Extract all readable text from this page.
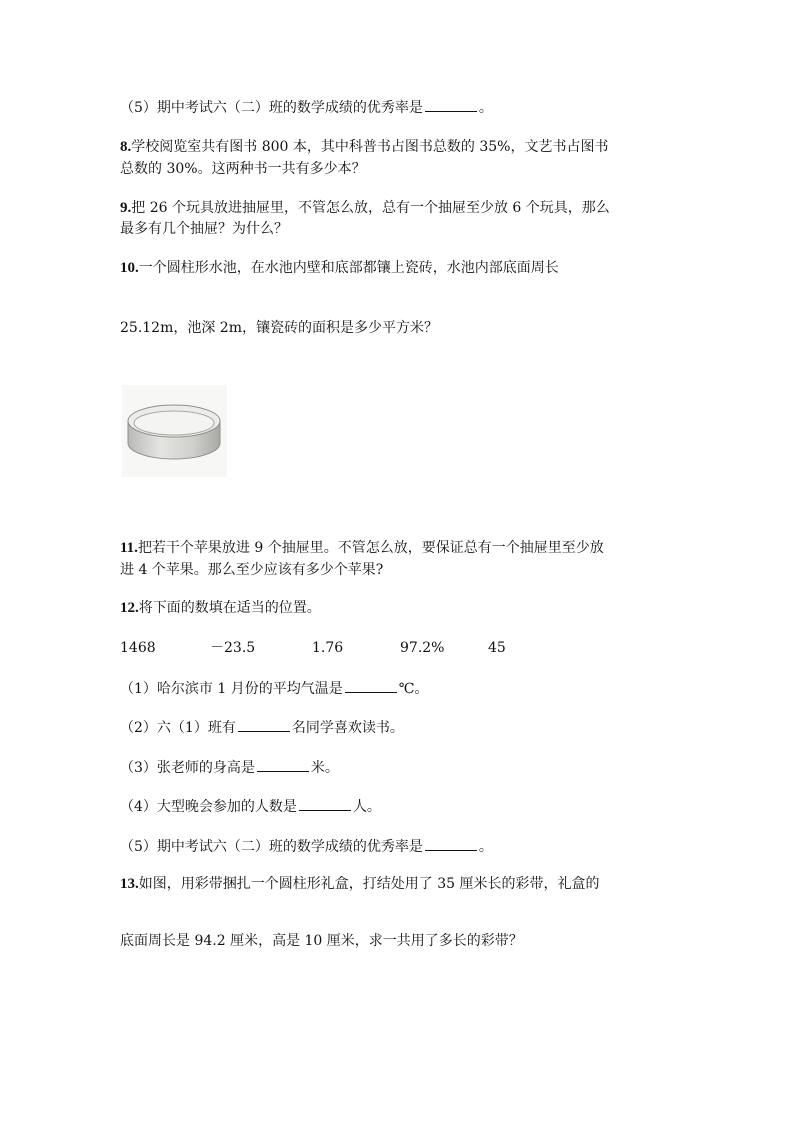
（5）期中考试六（二）班的数学成绩的优秀率是	。
8.学校阅览室共有图书 800 本，其中科普书占图书总数的 35%，文艺书占图书
总数的 30%。这两种书一共有多少本？
9.把 26 个玩具放进抽屉里，不管怎么放，总有一个抽屉至少放 6 个玩具，那么
最多有几个抽屉？为什么？
10.一个圆柱形水池，在水池内壁和底部都镶上瓷砖，水池内部底面周长
25.12m，池深 2m，镶瓷砖的面积是多少平方米？
11.把若干个苹果放进 9 个抽屉里。不管怎么放，要保证总有一个抽屉里至少放
进 4 个苹果。那么至少应该有多少个苹果?
12.将下面的数填在适当的位置。
1468	－23.5	1.76	97.2%	45
（1）哈尔滨市 1 月份的平均气温是	℃。
（2）六（1）班有	名同学喜欢读书。
（3）张老师的身高是	米。
（4）大型晚会参加的人数是	人。
（5）期中考试六（二）班的数学成绩的优秀率是	。
13.如图，用彩带捆扎一个圆柱形礼盒，打结处用了 35 厘米长的彩带，礼盒的
底面周长是 94.2 厘米，高是 10 厘米，求一共用了多长的彩带？
